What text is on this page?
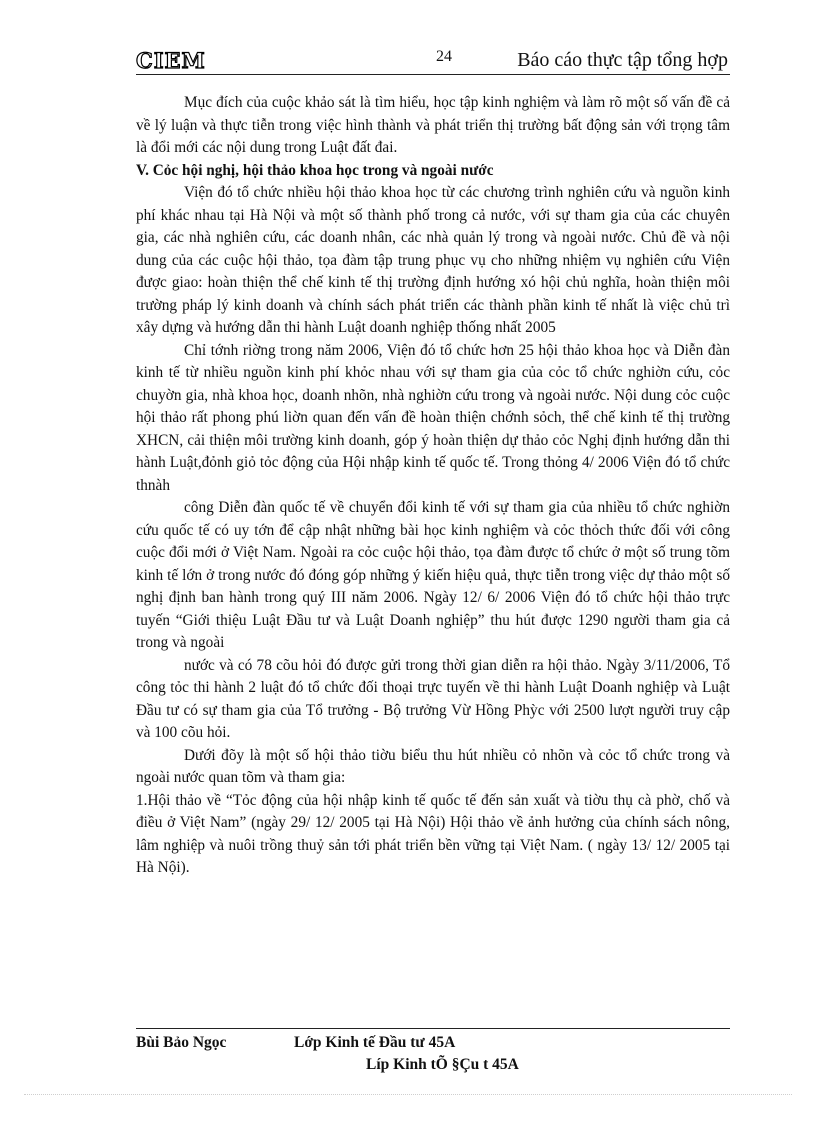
CIEM	24	Báo cáo thực tập tổng hợp

Mục đích của cuộc khảo sát là tìm hiểu, học tập kinh nghiệm và làm rõ một số vấn đề cả về lý luận và thực tiễn trong việc hình thành và phát triển thị trường bất động sản với trọng tâm là đổi mới các nội dung trong Luật đất đai.

V. Cỏc hội nghị, hội thảo khoa học trong và ngoài nước

Viện đó tổ chức nhiều hội thảo khoa học từ các chương trình nghiên cứu và nguồn kinh phí khác nhau tại Hà Nội và một số thành phố trong cả nước, với sự tham gia của các chuyên gia, các nhà nghiên cứu, các doanh nhân, các nhà quản lý trong và ngoài nước. Chủ đề và nội dung của các cuộc hội thảo, tọa đàm tập trung phục vụ cho những nhiệm vụ nghiên cứu Viện được giao: hoàn thiện thể chế kinh tế thị trường định hướng xó hội chủ nghĩa, hoàn thiện môi trường pháp lý kinh doanh và chính sách phát triển các thành phần kinh tế nhất là việc chủ trì xây dựng và hướng dẫn thi hành Luật doanh nghiệp thống nhất 2005

Chỉ tớnh riờng trong năm 2006, Viện đó tổ chức hơn 25 hội thảo khoa học và Diễn đàn kinh tế từ nhiều nguồn kinh phí khỏc nhau với sự tham gia của cỏc tổ chức nghiờn cứu, cỏc chuyờn gia, nhà khoa học, doanh nhõn, nhà nghiờn cứu trong và ngoài nước. Nội dung cỏc cuộc hội thảo rất phong phú liờn quan đến vấn đề hoàn thiện chớnh sỏch, thể chế kinh tế thị trường XHCN, cải thiện môi trường kinh doanh, góp ý hoàn thiện dự thảo cỏc Nghị định hướng dẫn thi hành Luật,đỏnh giỏ tỏc động của Hội nhập kinh tế quốc tế. Trong thỏng 4/ 2006 Viện đó tổ chức thnàh

công Diễn đàn quốc tế về chuyển đổi kinh tế với sự tham gia của nhiều tổ chức nghiờn cứu quốc tế có uy tớn để cập nhật những bài học kinh nghiệm và cỏc thỏch thức đối với công cuộc đổi mới ở Việt Nam. Ngoài ra cỏc cuộc hội thảo, tọa đàm được tổ chức ở một số trung tõm kinh tế lớn ở trong nước đó đóng góp những ý kiến hiệu quả, thực tiễn trong việc dự thảo một số nghị định ban hành trong quý III năm 2006. Ngày 12/ 6/ 2006 Viện đó tổ chức hội thảo trực tuyến “Giới thiệu Luật Đầu tư và Luật Doanh nghiệp” thu hút được 1290 người tham gia cả trong và ngoài

nước và có 78 cõu hỏi đó được gửi trong thời gian diễn ra hội thảo. Ngày 3/11/2006, Tổ công tỏc thi hành 2 luật đó tổ chức đối thoại trực tuyến về thi hành Luật Doanh nghiệp và Luật Đầu tư có sự tham gia của Tổ trưởng - Bộ trưởng Vừ Hồng Phỳc với 2500 lượt người truy cập và 100 cõu hỏi.

Dưới đõy là một số hội thảo tiờu biểu thu hút nhiều cỏ nhõn và cỏc tổ chức trong và ngoài nước quan tõm và tham gia:

1.Hội thảo về “Tỏc động của hội nhập kinh tế quốc tế đến sản xuất và tiờu thụ cà phờ, chố và điều ở Việt Nam” (ngày 29/ 12/ 2005 tại Hà Nội) Hội thảo về ảnh hưởng của chính sách nông, lâm nghiệp và nuôi trồng thuỷ sản tới phát triển bền vững tại Việt Nam. ( ngày 13/ 12/ 2005 tại Hà Nội).

Bùi Bảo Ngọc	Lớp Kinh tế Đầu tư 45A
Líp Kinh tÕ §Çu t 45A
